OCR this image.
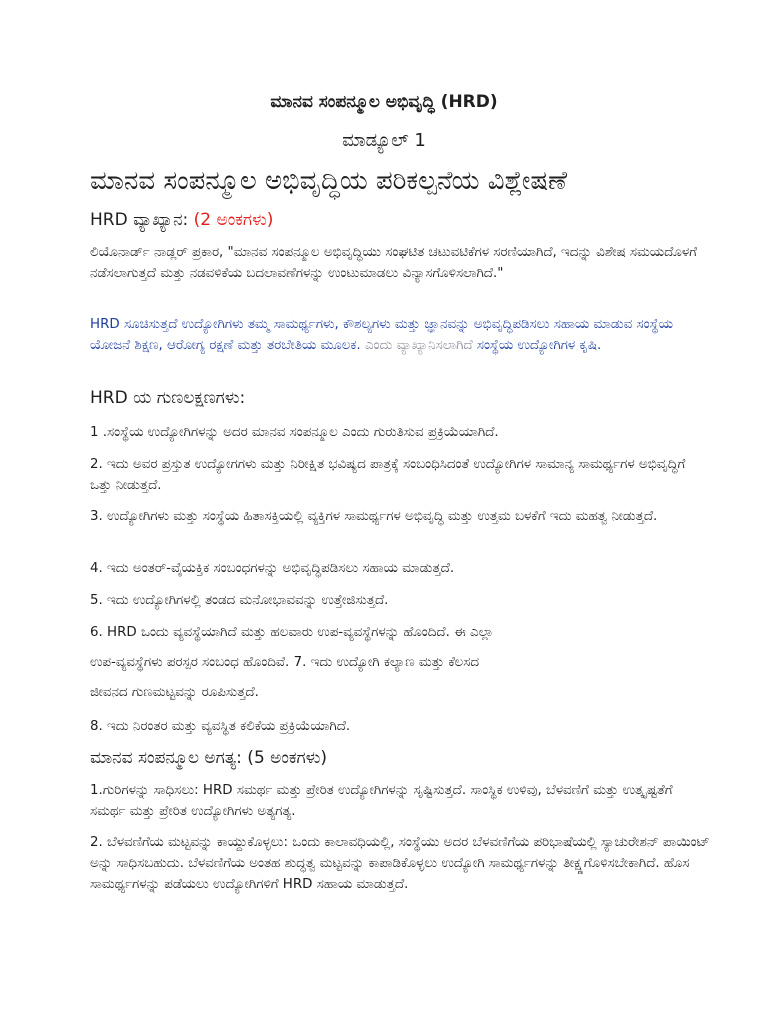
ಮಾನವ ಸಂಪನ್ಮೂಲ ಅಭಿವೃದ್ಧಿ (HRD)
ಮಾಡ್ಯೂಲ್ 1
ಮಾನವ ಸಂಪನ್ಮೂಲ ಅಭಿವೃದ್ಧಿಯ ಪರಿಕಲ್ಪನೆಯ ವಿಶ್ಲೇಷಣೆ
HRD ವ್ಯಾಖ್ಯಾನ: (2 ಅಂಕಗಳು)
ಲಿಯೊನಾರ್ಡ್ ನಾಡ್ಲರ್ ಪ್ರಕಾರ, "ಮಾನವ ಸಂಪನ್ಮೂಲ ಅಭಿವೃದ್ಧಿಯು ಸಂಘಟಿತ ಚಟುವಟಿಕೆಗಳ ಸರಣಿಯಾಗಿದೆ, ಇದನ್ನು ವಿಶೇಷ ಸಮಯದೊಳಗೆ ನಡೆಸಲಾಗುತ್ತದೆ ಮತ್ತು ನಡವಳಿಕೆಯ ಬದಲಾವಣೆಗಳನ್ನು ಉಂಟುಮಾಡಲು ವಿನ್ಯಾಸಗೊಳಿಸಲಾಗಿದೆ."
HRD ಸೂಚಿಸುತ್ತದೆ ಉದ್ಯೋಗಿಗಳು ತಮ್ಮ ಸಾಮರ್ಥ್ಯಗಳು, ಕೌಶಲ್ಯಗಳು ಮತ್ತು ಜ್ಞಾನವನ್ನು ಅಭಿವೃದ್ಧಿಪಡಿಸಲು ಸಹಾಯ ಮಾಡುವ ಸಂಸ್ಥೆಯ ಯೋಜನೆ ಶಿಕ್ಷಣ, ಆರೋಗ್ಯ ರಕ್ಷಣೆ ಮತ್ತು ತರಬೇತಿಯ ಮೂಲಕ. ಎಂದು ವ್ಯಾಖ್ಯಾನಿಸಲಾಗಿದೆ ಸಂಸ್ಥೆಯ ಉದ್ಯೋಗಿಗಳ ಕೃಷಿ.
HRD ಯ ಗುಣಲಕ್ಷಣಗಳು:
1 .ಸಂಸ್ಥೆಯ ಉದ್ಯೋಗಿಗಳನ್ನು ಅದರ ಮಾನವ ಸಂಪನ್ಮೂಲ ಎಂದು ಗುರುತಿಸುವ ಪ್ರಕ್ರಿಯೆಯಾಗಿದೆ.
2. ಇದು ಅವರ ಪ್ರಸ್ತುತ ಉದ್ಯೋಗಗಳು ಮತ್ತು ನಿರೀಕ್ಷಿತ ಭವಿಷ್ಯದ ಪಾತ್ರಕ್ಕೆ ಸಂಬಂಧಿಸಿದಂತೆ ಉದ್ಯೋಗಿಗಳ ಸಾಮಾನ್ಯ ಸಾಮರ್ಥ್ಯಗಳ ಅಭಿವೃದ್ಧಿಗೆ ಒತ್ತು ನೀಡುತ್ತದೆ.
3. ಉದ್ಯೋಗಿಗಳು ಮತ್ತು ಸಂಸ್ಥೆಯ ಹಿತಾಸಕ್ತಿಯಲ್ಲಿ ವ್ಯಕ್ತಿಗಳ ಸಾಮರ್ಥ್ಯಗಳ ಅಭಿವೃದ್ಧಿ ಮತ್ತು ಉತ್ತಮ ಬಳಕೆಗೆ ಇದು ಮಹತ್ವ ನೀಡುತ್ತದೆ.
4. ಇದು ಅಂತರ್-ವೈಯಕ್ತಿಕ ಸಂಬಂಧಗಳನ್ನು ಅಭಿವೃದ್ಧಿಪಡಿಸಲು ಸಹಾಯ ಮಾಡುತ್ತದೆ.
5. ಇದು ಉದ್ಯೋಗಿಗಳಲ್ಲಿ ತಂಡದ ಮನೋಭಾವವನ್ನು ಉತ್ತೇಜಿಸುತ್ತದೆ.
6. HRD ಒಂದು ವ್ಯವಸ್ಥೆಯಾಗಿದೆ ಮತ್ತು ಹಲವಾರು ಉಪ-ವ್ಯವಸ್ಥೆಗಳನ್ನು ಹೊಂದಿದೆ. ಈ ಎಲ್ಲಾ
ಉಪ-ವ್ಯವಸ್ಥೆಗಳು ಪರಸ್ಪರ ಸಂಬಂಧ ಹೊಂದಿವೆ. 7. ಇದು ಉದ್ಯೋಗಿ ಕಲ್ಯಾಣ ಮತ್ತು ಕೆಲಸದ
ಜೀವನದ ಗುಣಮಟ್ಟವನ್ನು ರೂಪಿಸುತ್ತದೆ.
8. ಇದು ನಿರಂತರ ಮತ್ತು ವ್ಯವಸ್ಥಿತ ಕಲಿಕೆಯ ಪ್ರಕ್ರಿಯೆಯಾಗಿದೆ.
ಮಾನವ ಸಂಪನ್ಮೂಲ ಅಗತ್ಯ: (5 ಅಂಕಗಳು)
1.ಗುರಿಗಳನ್ನು ಸಾಧಿಸಲು: HRD ಸಮರ್ಥ ಮತ್ತು ಪ್ರೇರಿತ ಉದ್ಯೋಗಿಗಳನ್ನು ಸೃಷ್ಟಿಸುತ್ತದೆ. ಸಾಂಸ್ಥಿಕ ಉಳಿವು, ಬೆಳವಣಿಗೆ ಮತ್ತು ಉತ್ಕೃಷ್ಟತೆಗೆ ಸಮರ್ಥ ಮತ್ತು ಪ್ರೇರಿತ ಉದ್ಯೋಗಿಗಳು ಅತ್ಯಗತ್ಯ.
2. ಬೆಳವಣಿಗೆಯ ಮಟ್ಟವನ್ನು ಕಾಯ್ದುಕೊಳ್ಳಲು: ಒಂದು ಕಾಲಾವಧಿಯಲ್ಲಿ, ಸಂಸ್ಥೆಯು ಅದರ ಬೆಳವಣಿಗೆಯ ಪರಿಭಾಷೆಯಲ್ಲಿ ಸ್ಯಾಚುರೇಶನ್ ಪಾಯಿಂಟ್ ಅನ್ನು ಸಾಧಿಸಬಹುದು. ಬೆಳವಣಿಗೆಯ ಅಂತಹ ಶುದ್ಧತ್ವ ಮಟ್ಟವನ್ನು ಕಾಪಾಡಿಕೊಳ್ಳಲು ಉದ್ಯೋಗಿ ಸಾಮರ್ಥ್ಯಗಳನ್ನು ತೀಕ್ಷ್ಣಗೊಳಿಸಬೇಕಾಗಿದೆ. ಹೊಸ ಸಾಮರ್ಥ್ಯಗಳನ್ನು ಪಡೆಯಲು ಉದ್ಯೋಗಿಗಳಿಗೆ HRD ಸಹಾಯ ಮಾಡುತ್ತದೆ.
